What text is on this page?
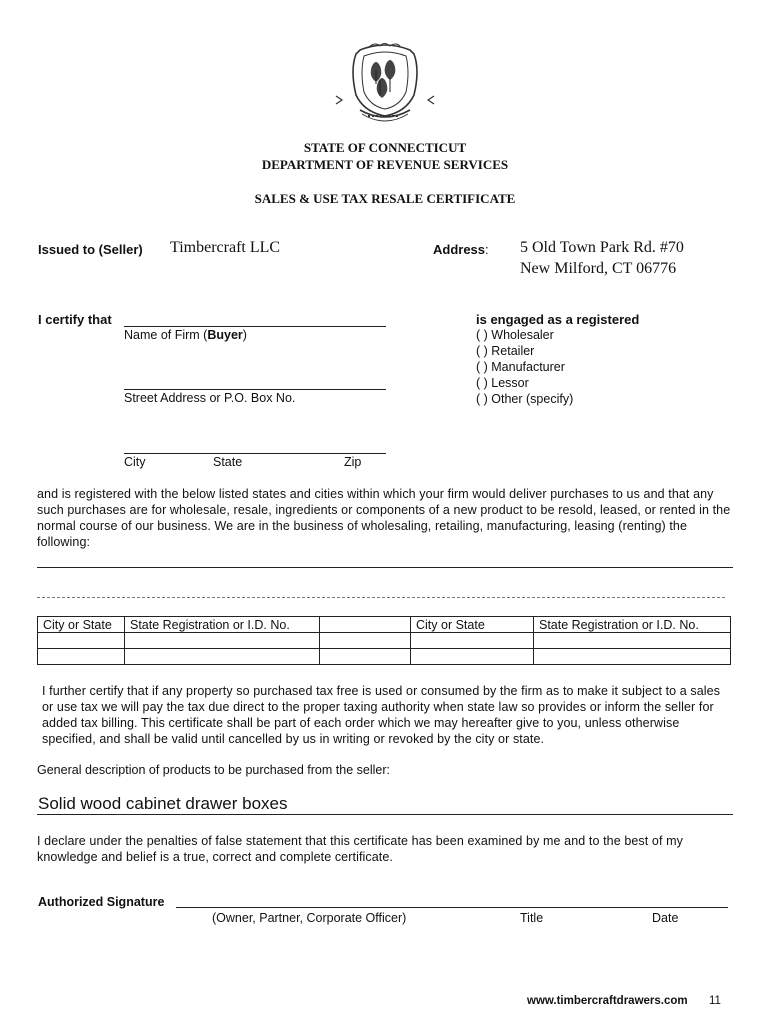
STATE OF CONNECTICUT
DEPARTMENT OF REVENUE SERVICES
SALES & USE TAX RESALE CERTIFICATE
Issued to (Seller) Timbercraft LLC	Address: 5 Old Town Park Rd. #70
New Milford, CT 06776
I certify that
Name of Firm (Buyer)
Street Address or P.O. Box No.
City	State	Zip
is engaged as a registered
( ) Wholesaler
( ) Retailer
( ) Manufacturer
( ) Lessor
( ) Other (specify)
and is registered with the below listed states and cities within which your firm would deliver purchases to us and that any such purchases are for wholesale, resale, ingredients or components of a new product to be resold, leased, or rented in the normal course of our business. We are in the business of wholesaling, retailing, manufacturing, leasing (renting) the following:
City or State	State Registration or I.D. No.		City or State	State Registration or I.D. No.

I further certify that if any property so purchased tax free is used or consumed by the firm as to make it subject to a sales or use tax we will pay the tax due direct to the proper taxing authority when state law so provides or inform the seller for added tax billing. This certificate shall be part of each order which we may hereafter give to you, unless otherwise specified, and shall be valid until cancelled by us in writing or revoked by the city or state.
General description of products to be purchased from the seller:
Solid wood cabinet drawer boxes
I declare under the penalties of false statement that this certificate has been examined by me and to the best of my knowledge and belief is a true, correct and complete certificate.
Authorized Signature
(Owner, Partner, Corporate Officer)	Title	Date
www.timbercraftdrawers.com 11
